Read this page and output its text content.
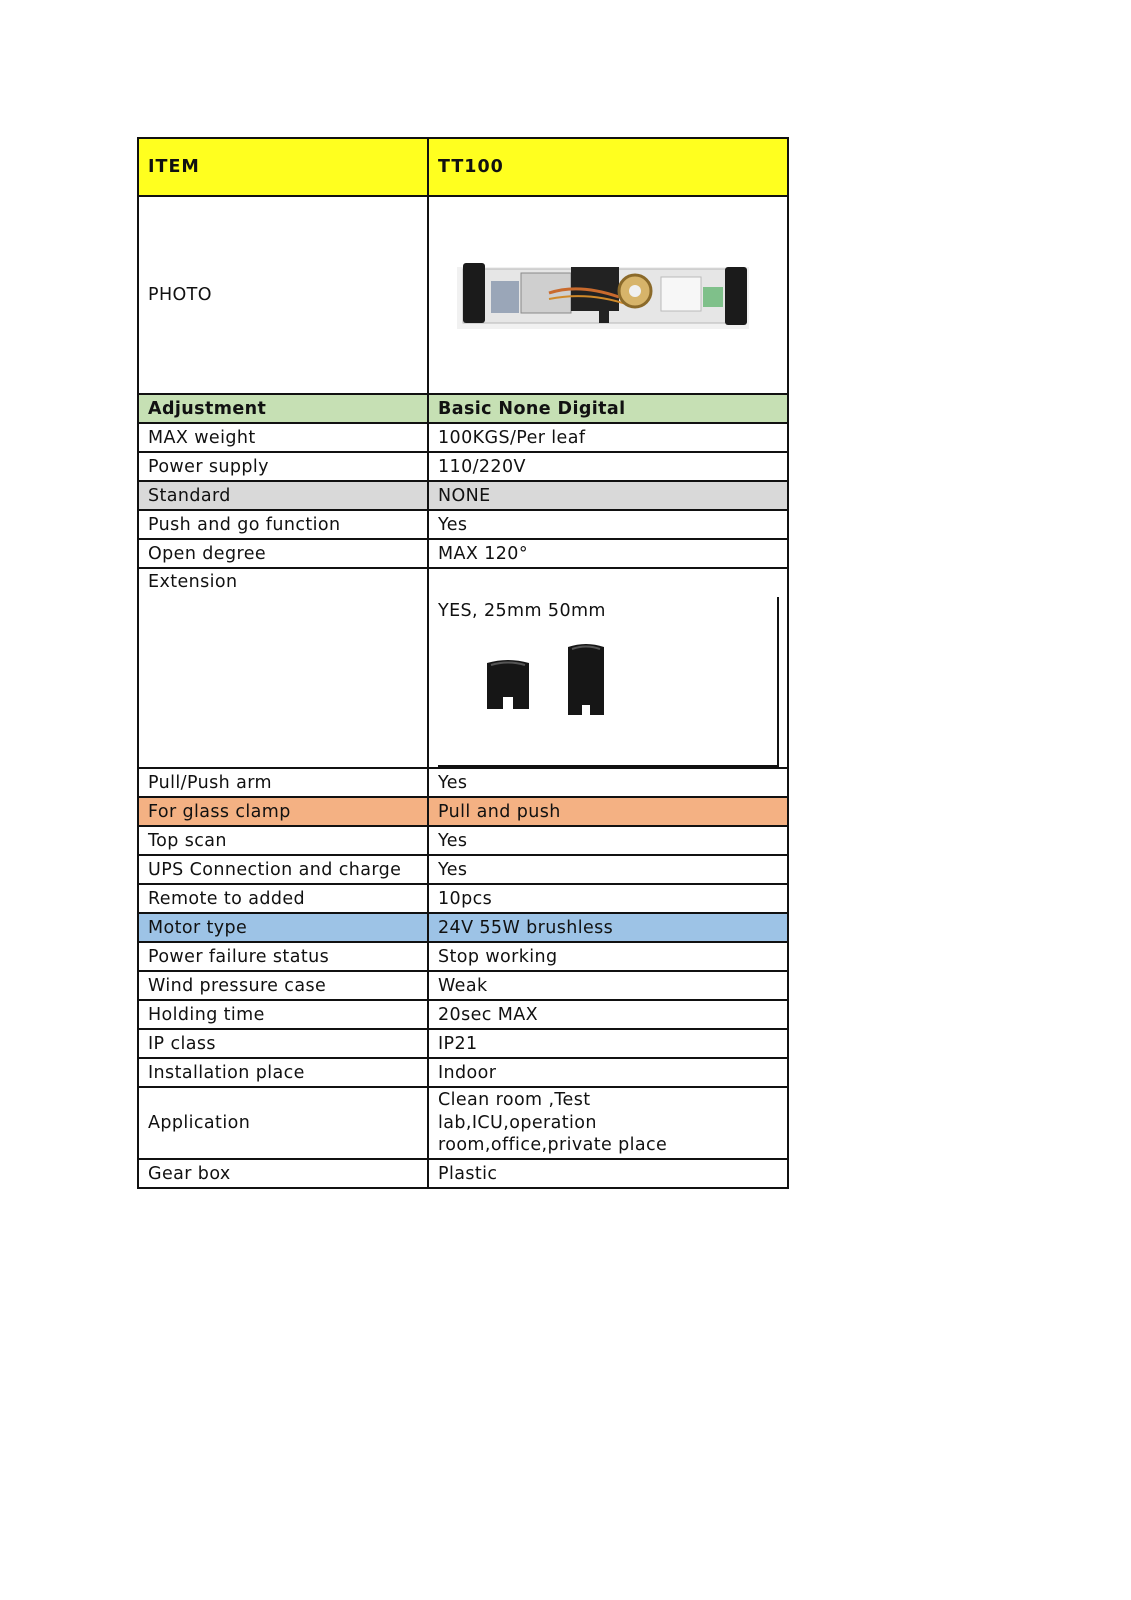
ITEM	TT100
PHOTO	
Adjustment	Basic None Digital
MAX weight	100KGS/Per leaf
Power supply	110/220V
Standard	NONE
Push and go function	Yes
Open degree	MAX 120°

Extension	YES, 25mm 50mm

Pull/Push arm	Yes
For glass clamp	Pull and push
Top scan	Yes
UPS Connection and charge	Yes
Remote to added	10pcs
Motor type	24V 55W brushless
Power failure status	Stop working
Wind pressure case	Weak
Holding time	20sec MAX
IP class	IP21
Installation place	Indoor
Application	Clean room ,Test
lab,ICU,operation
room,office,private place

Gear box	Plastic
